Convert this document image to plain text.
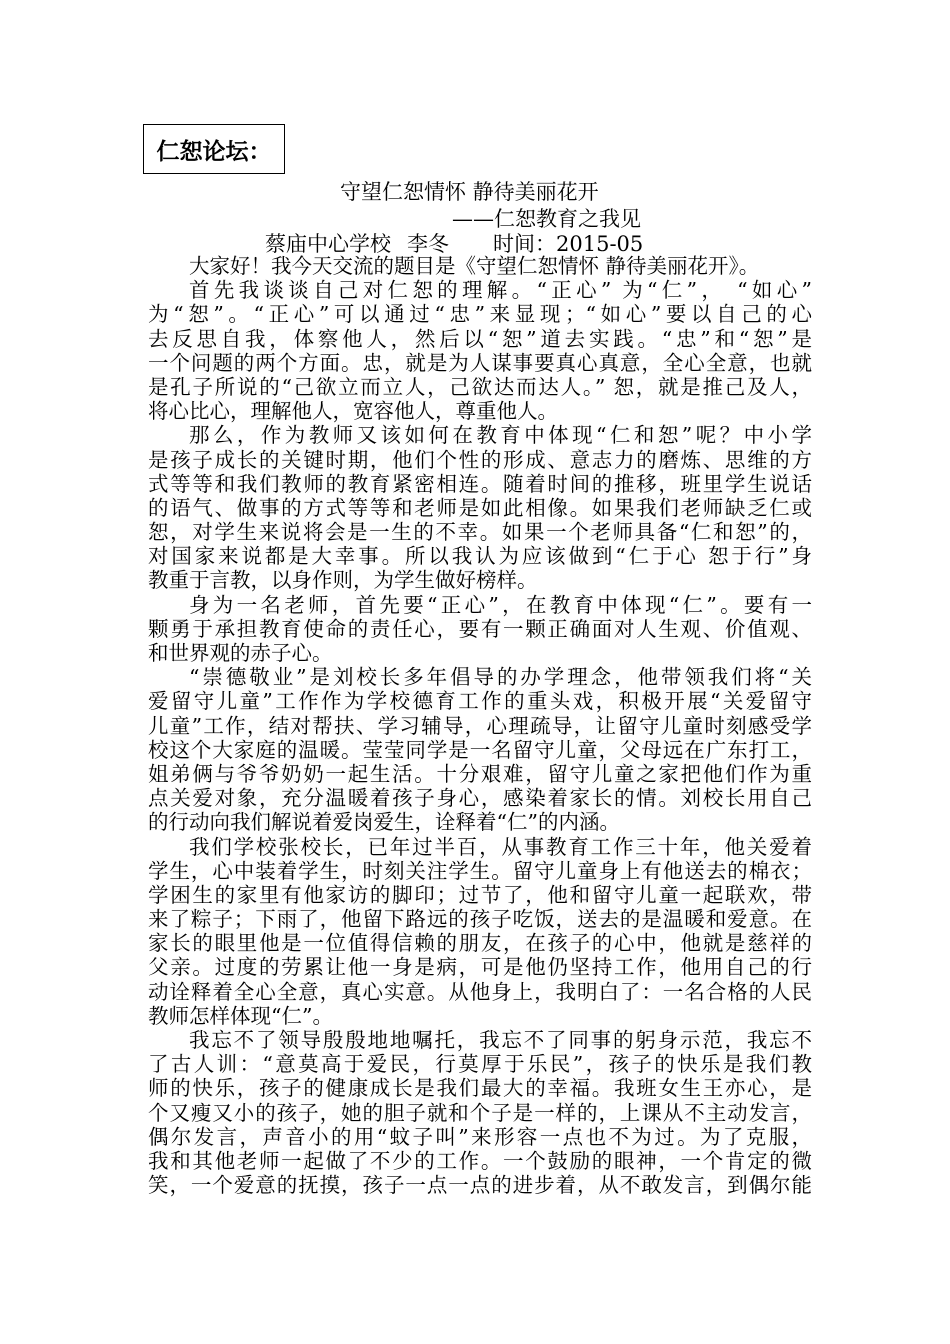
仁恕论坛：
守望仁恕情怀 静待美丽花开
——仁恕教育之我见
蔡庙中心学校 李冬 时间：2015-05
大家好！我今天交流的题目是《守望仁恕情怀 静待美丽花开》。
首先我谈谈自己对仁恕的理解。“正心” 为“仁”， “如心”
为“恕”。“正心”可以通过“忠”来显现；“如心”要以自己的心
去反思自我，体察他人，然后以“恕”道去实践。“忠”和“恕”是
一个问题的两个方面。忠，就是为人谋事要真心真意，全心全意，也就
是孔子所说的“己欲立而立人，己欲达而达人。” 恕，就是推己及人，
将心比心，理解他人，宽容他人，尊重他人。
那么，作为教师又该如何在教育中体现“仁和恕”呢？中小学
是孩子成长的关键时期，他们个性的形成、意志力的磨炼、思维的方
式等等和我们教师的教育紧密相连。随着时间的推移，班里学生说话
的语气、做事的方式等等和老师是如此相像。如果我们老师缺乏仁或
恕，对学生来说将会是一生的不幸。如果一个老师具备“仁和恕”的，
对国家来说都是大幸事。所以我认为应该做到“仁于心 恕于行”身
教重于言教，以身作则，为学生做好榜样。
身为一名老师，首先要“正心”，在教育中体现“仁”。要有一
颗勇于承担教育使命的责任心，要有一颗正确面对人生观、价值观、
和世界观的赤子心。
“崇德敬业”是刘校长多年倡导的办学理念，他带领我们将“关
爱留守儿童”工作作为学校德育工作的重头戏，积极开展“关爱留守
儿童”工作，结对帮扶、学习辅导，心理疏导，让留守儿童时刻感受学
校这个大家庭的温暖。莹莹同学是一名留守儿童，父母远在广东打工，
姐弟俩与爷爷奶奶一起生活。十分艰难，留守儿童之家把他们作为重
点关爱对象，充分温暖着孩子身心，感染着家长的情。刘校长用自己
的行动向我们解说着爱岗爱生，诠释着“仁”的内涵。
我们学校张校长，已年过半百，从事教育工作三十年，他关爱着
学生，心中装着学生，时刻关注学生。留守儿童身上有他送去的棉衣；
学困生的家里有他家访的脚印；过节了，他和留守儿童一起联欢，带
来了粽子；下雨了，他留下路远的孩子吃饭，送去的是温暖和爱意。在
家长的眼里他是一位值得信赖的朋友，在孩子的心中，他就是慈祥的
父亲。过度的劳累让他一身是病，可是他仍坚持工作，他用自己的行
动诠释着全心全意，真心实意。从他身上，我明白了：一名合格的人民
教师怎样体现“仁”。
我忘不了领导殷殷地地嘱托，我忘不了同事的躬身示范，我忘不
了古人训：“意莫高于爱民，行莫厚于乐民”，孩子的快乐是我们教
师的快乐，孩子的健康成长是我们最大的幸福。我班女生王亦心，是
个又瘦又小的孩子，她的胆子就和个子是一样的，上课从不主动发言，
偶尔发言，声音小的用“蚊子叫”来形容一点也不为过。为了克服，
我和其他老师一起做了不少的工作。一个鼓励的眼神，一个肯定的微
笑，一个爱意的抚摸，孩子一点一点的进步着，从不敢发言，到偶尔能
